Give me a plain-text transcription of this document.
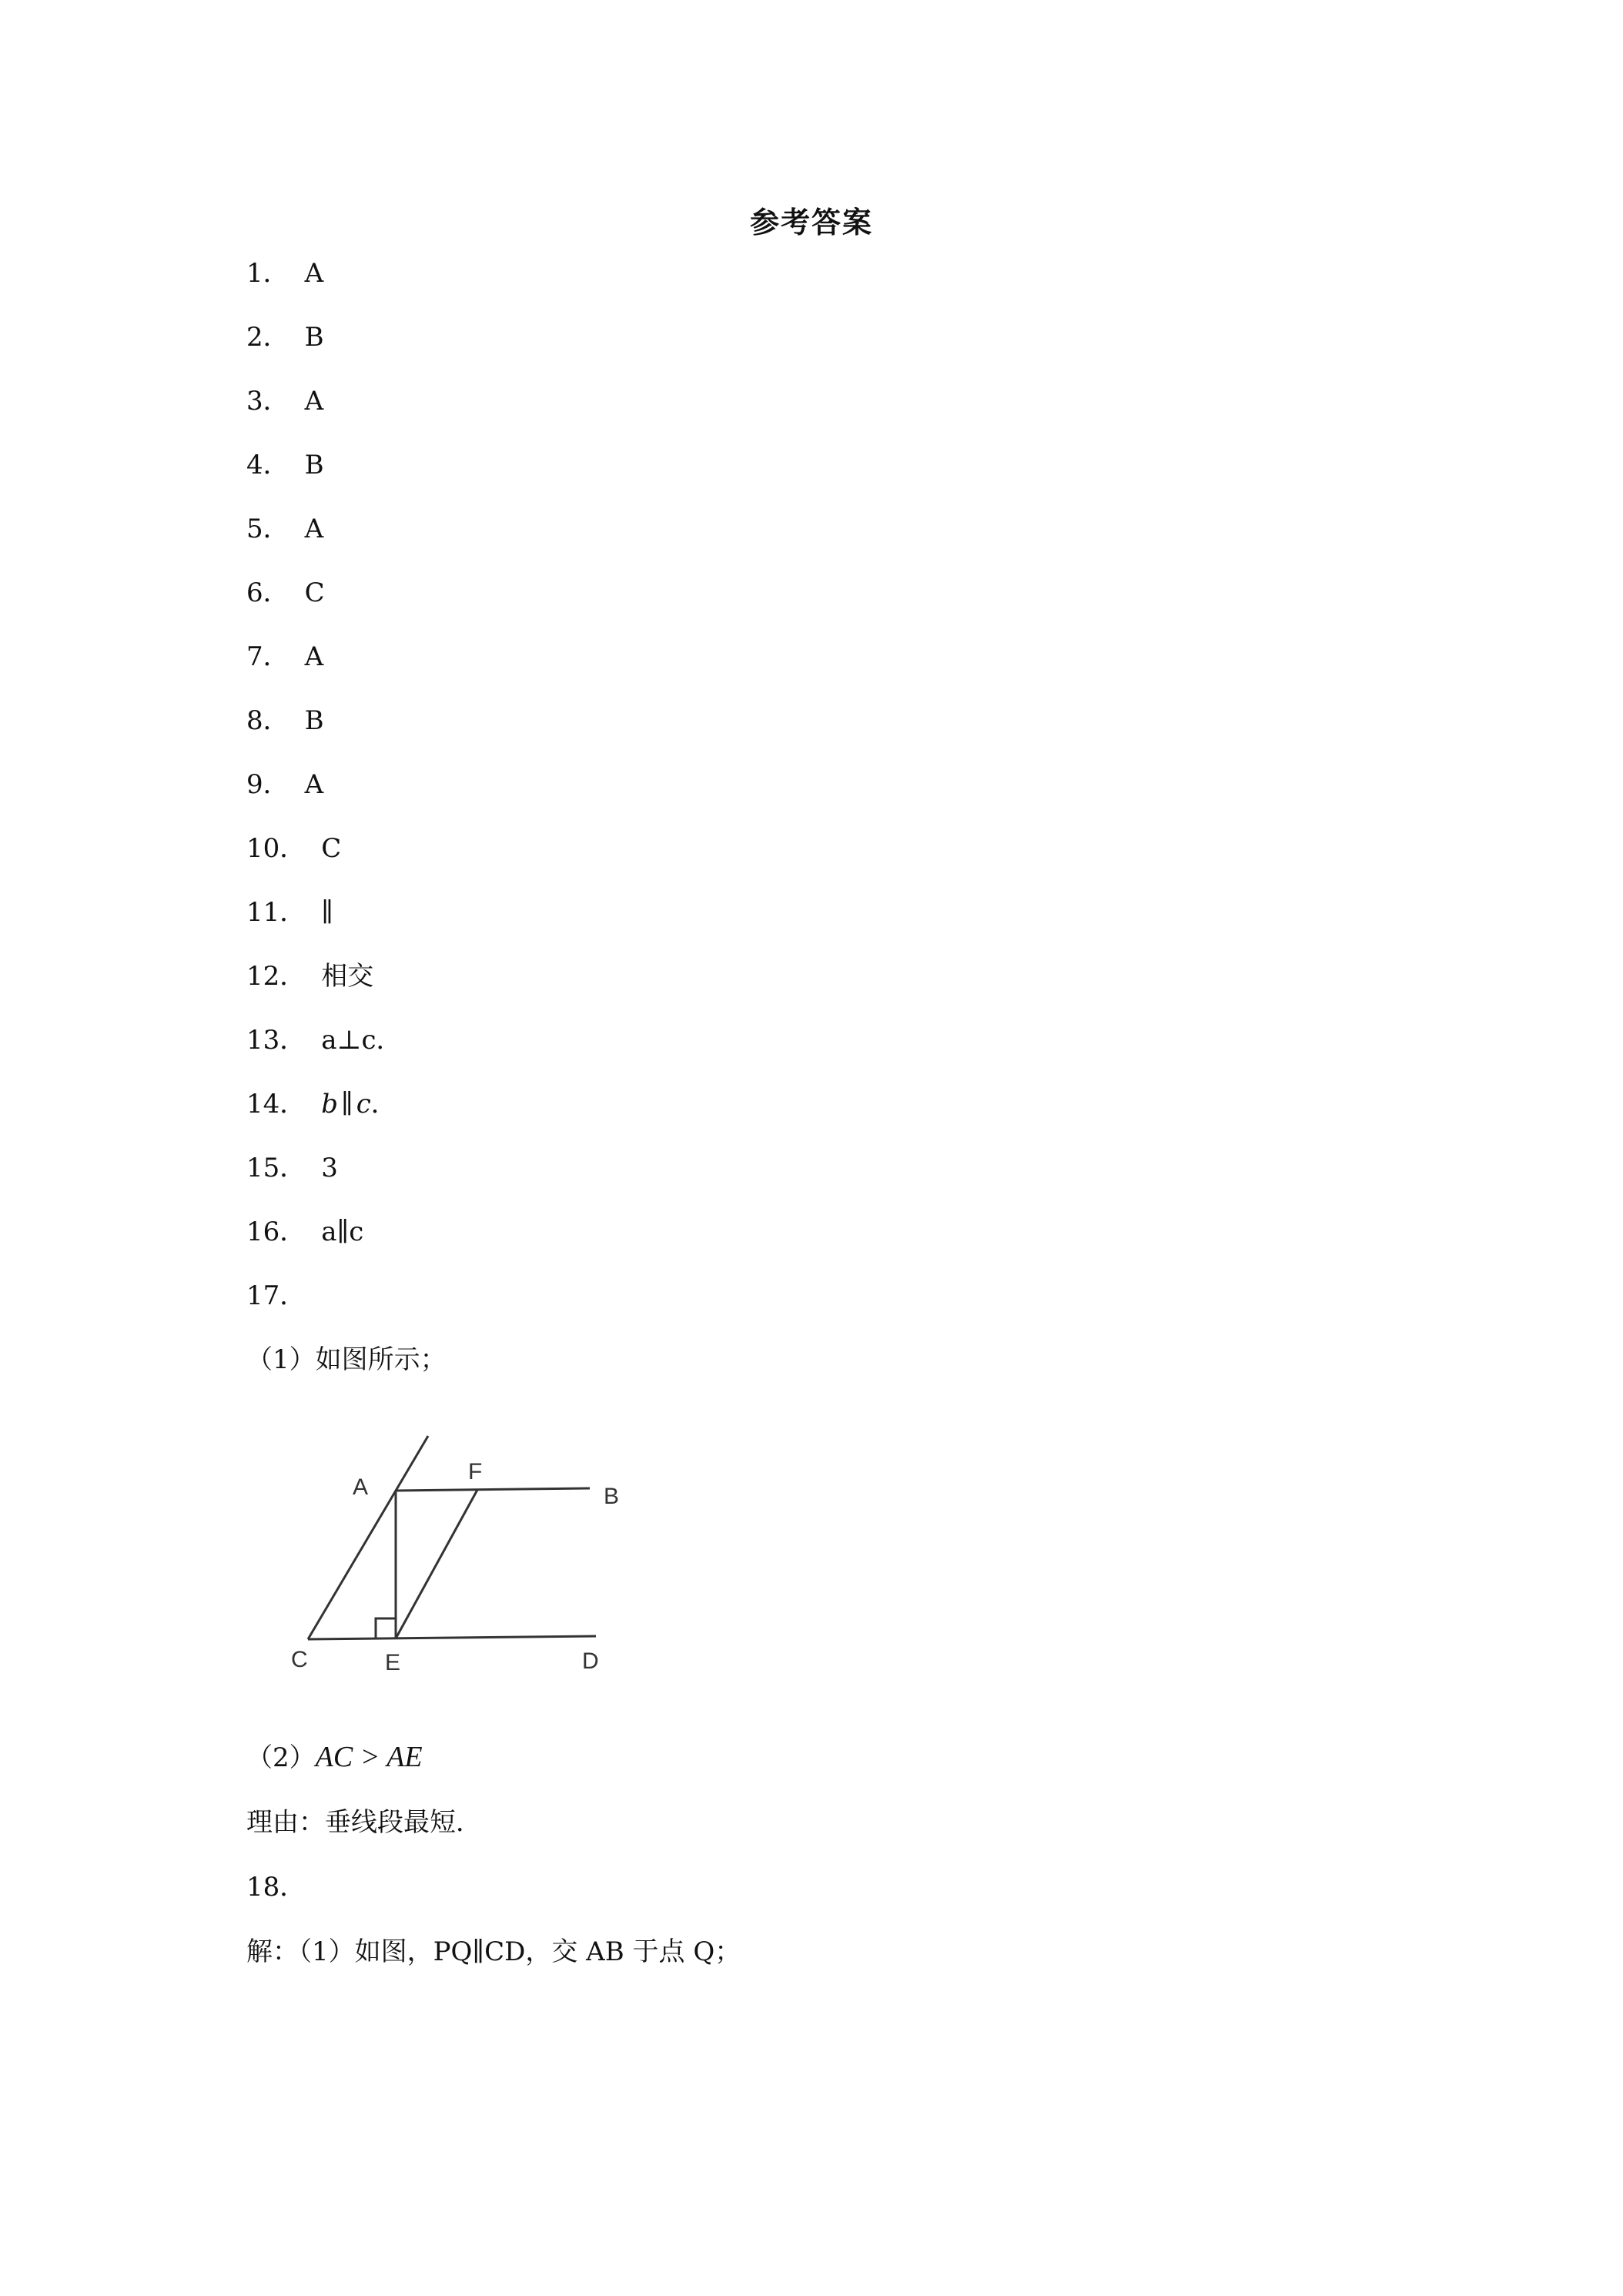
参考答案
1． A
2． B
3． A
4． B
5． A
6． C
7． A
8． B
9． A
10． C
11． ∥
12． 相交
13． a⊥c．
14． b ∥ c．
15． 3
16． a∥c
17．
（1）如图所示；
A
F
B
C	E	D
（2）AC > AE
理由：垂线段最短．
18．
解：（1）如图，PQ∥CD，交 AB 于点 Q；
